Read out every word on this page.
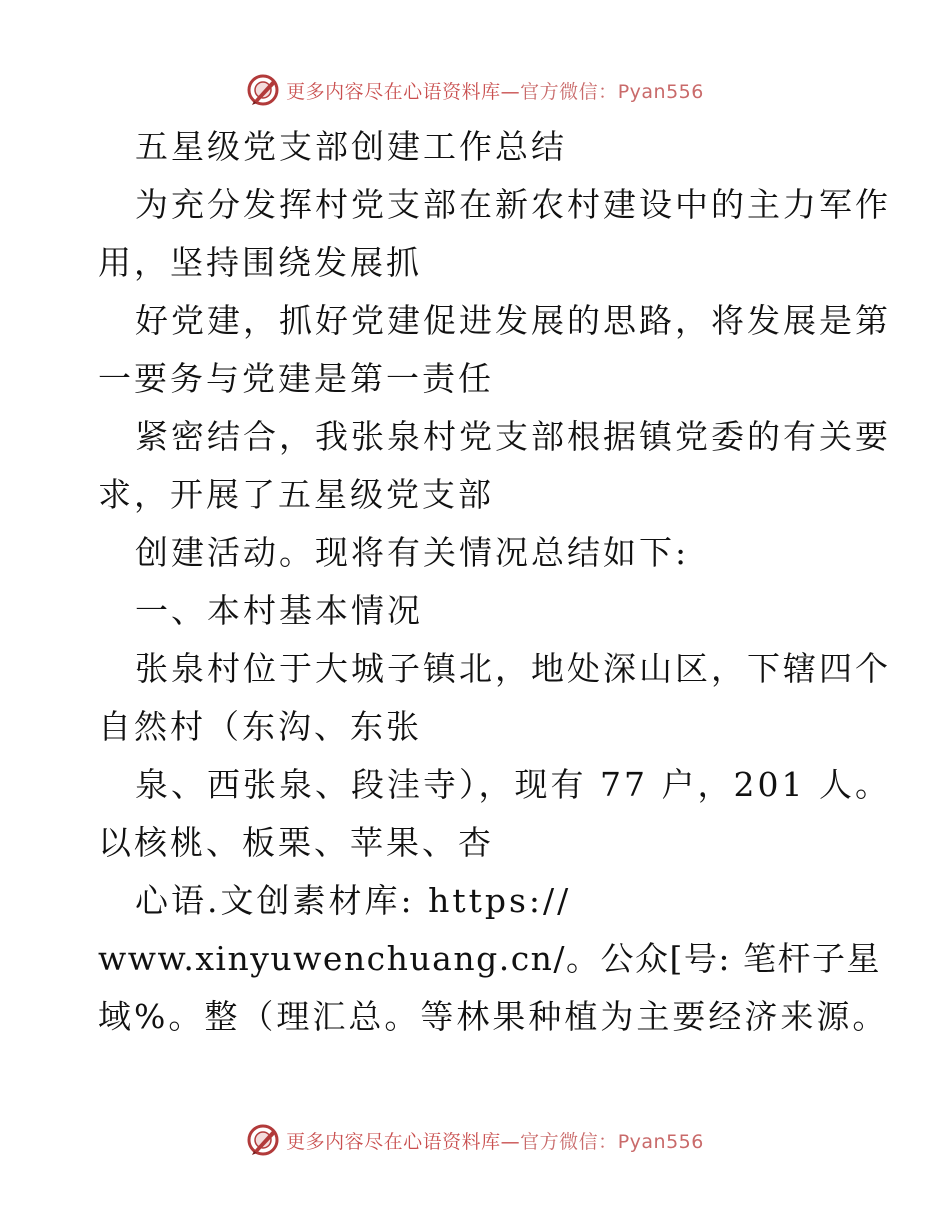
更多内容尽在心语资料库—官方微信：Pyan556
五星级党支部创建工作总结
为充分发挥村党支部在新农村建设中的主力军作
用，坚持围绕发展抓
好党建，抓好党建促进发展的思路，将发展是第
一要务与党建是第一责任
紧密结合，我张泉村党支部根据镇党委的有关要
求，开展了五星级党支部
创建活动。现将有关情况总结如下:
一、本村基本情况
张泉村位于大城子镇北，地处深山区，下辖四个
自然村（东沟、东张
泉、西张泉、段洼寺），现有 77 户，201 人。
以核桃、板栗、苹果、杏
心语.文创素材库: https://
www.xinyuwenchuang.cn/。公众[号: 笔杆子星
域%。整（理汇总。等林果种植为主要经济来源。
更多内容尽在心语资料库—官方微信：Pyan556
